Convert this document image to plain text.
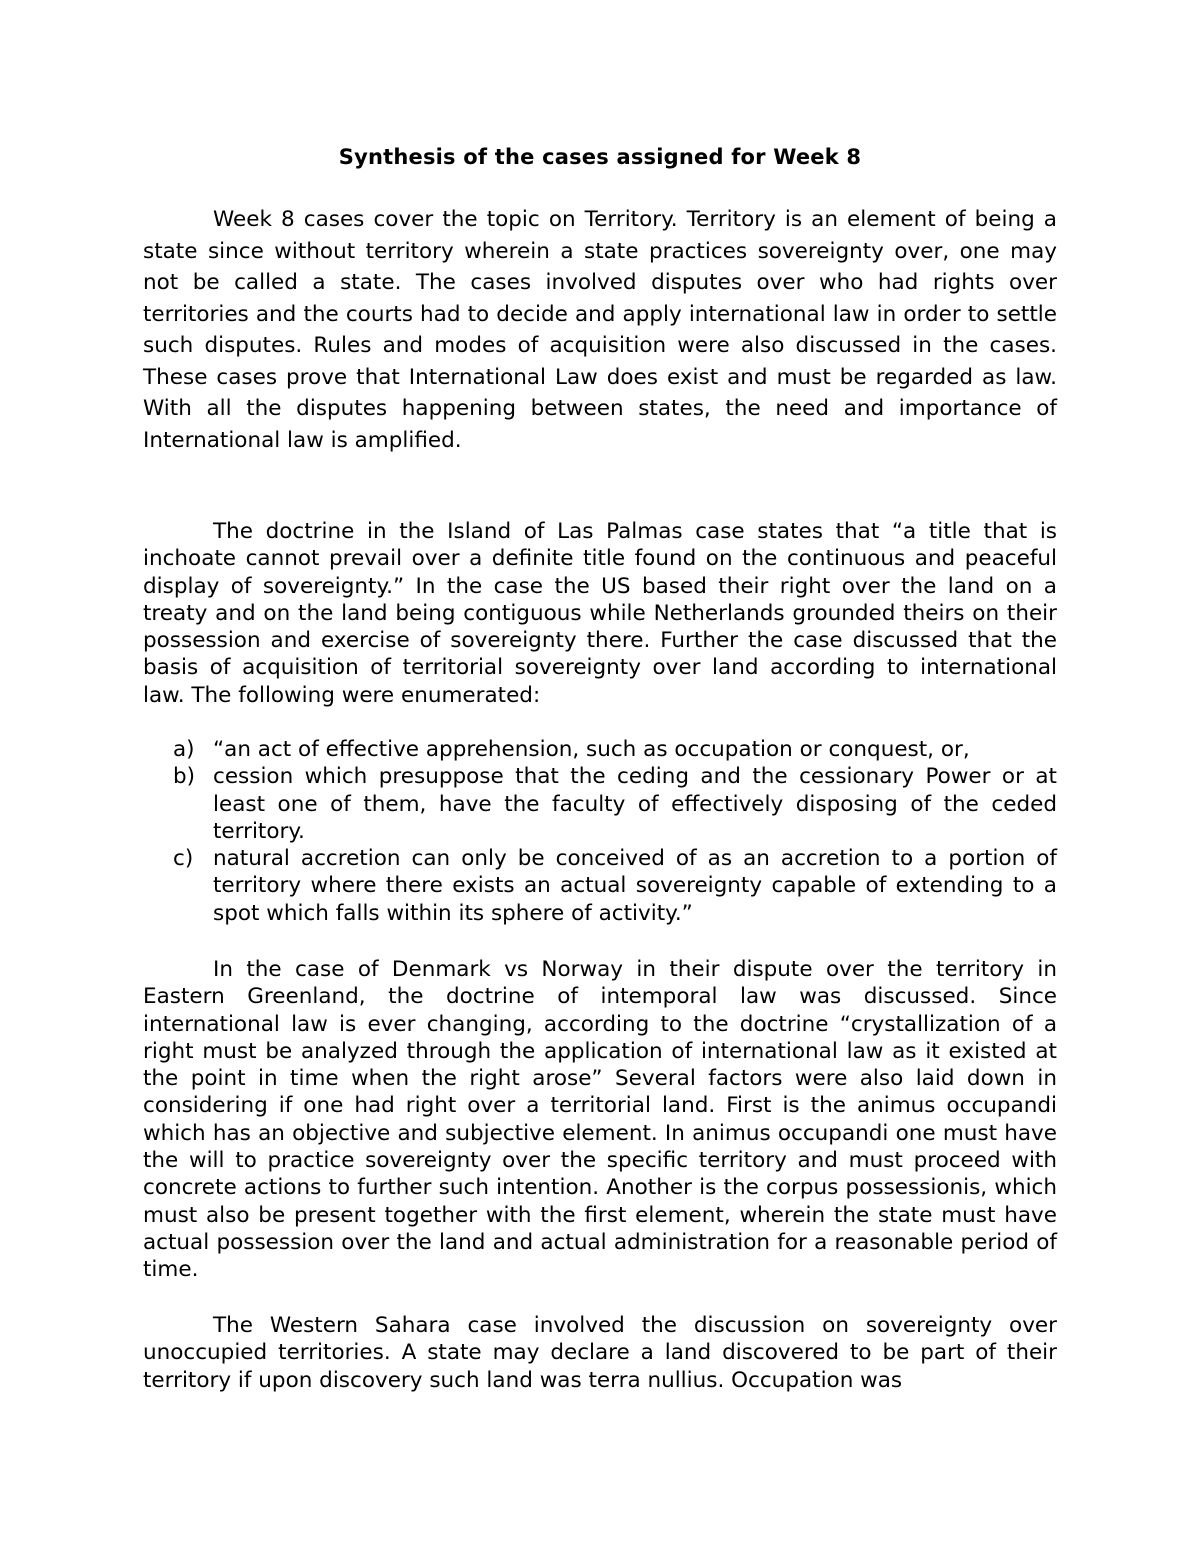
Synthesis of the cases assigned for Week 8

Week 8 cases cover the topic on Territory. Territory is an element of being a state since without territory wherein a state practices sovereignty over, one may not be called a state. The cases involved disputes over who had rights over territories and the courts had to decide and apply international law in order to settle such disputes. Rules and modes of acquisition were also discussed in the cases. These cases prove that International Law does exist and must be regarded as law. With all the disputes happening between states, the need and importance of International law is amplified.

The doctrine in the Island of Las Palmas case states that “a title that is inchoate cannot prevail over a definite title found on the continuous and peaceful display of sovereignty.” In the case the US based their right over the land on a treaty and on the land being contiguous while Netherlands grounded theirs on their possession and exercise of sovereignty there. Further the case discussed that the basis of acquisition of territorial sovereignty over land according to international law. The following were enumerated:

a) “an act of effective apprehension, such as occupation or conquest, or,
b) cession which presuppose that the ceding and the cessionary Power or at least one of them, have the faculty of effectively disposing of the ceded territory.
c) natural accretion can only be conceived of as an accretion to a portion of territory where there exists an actual sovereignty capable of extending to a spot which falls within its sphere of activity.”

In the case of Denmark vs Norway in their dispute over the territory in Eastern Greenland, the doctrine of intemporal law was discussed. Since international law is ever changing, according to the doctrine “crystallization of a right must be analyzed through the application of international law as it existed at the point in time when the right arose” Several factors were also laid down in considering if one had right over a territorial land. First is the animus occupandi which has an objective and subjective element. In animus occupandi one must have the will to practice sovereignty over the specific territory and must proceed with concrete actions to further such intention. Another is the corpus possessionis, which must also be present together with the first element, wherein the state must have actual possession over the land and actual administration for a reasonable period of time.

The Western Sahara case involved the discussion on sovereignty over unoccupied territories. A state may declare a land discovered to be part of their territory if upon discovery such land was terra nullius. Occupation was
